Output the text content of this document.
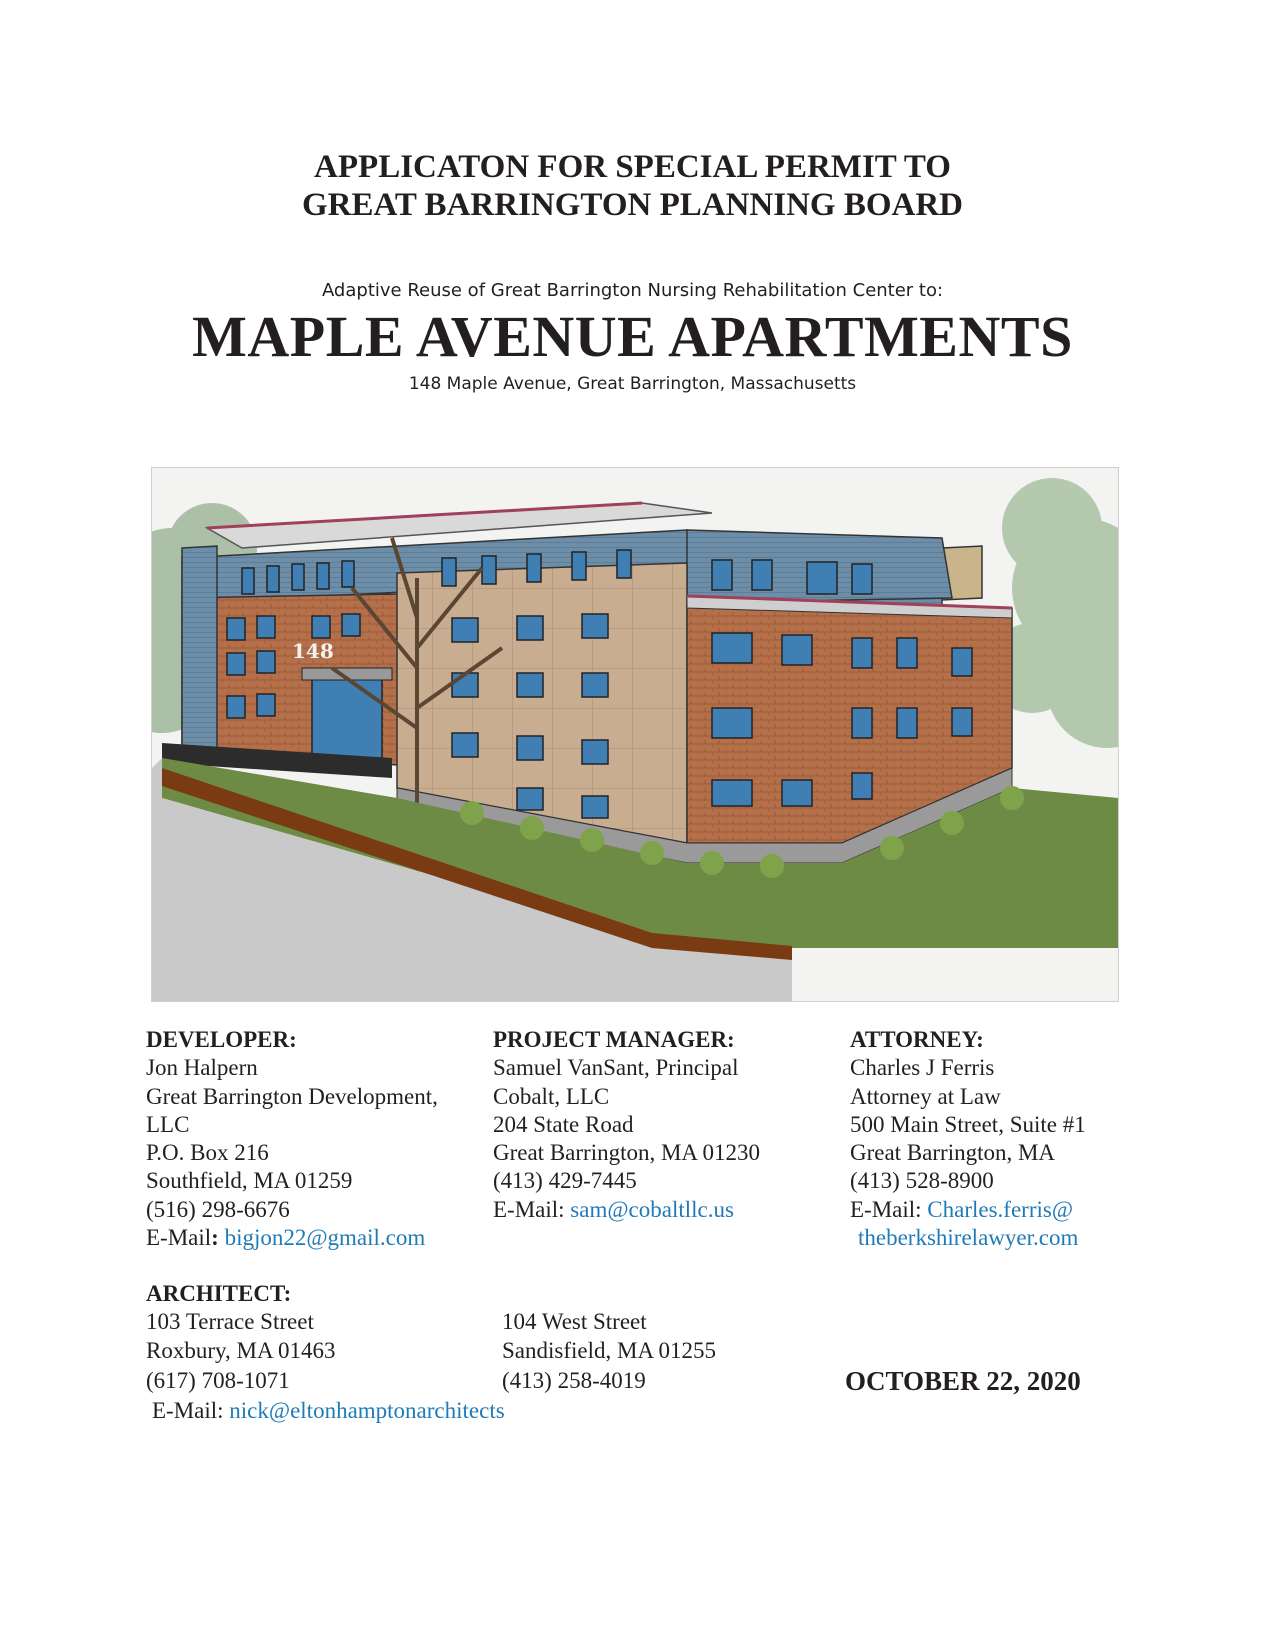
APPLICATON FOR SPECIAL PERMIT TO
GREAT BARRINGTON PLANNING BOARD
Adaptive Reuse of Great Barrington Nursing Rehabilitation Center to:
MAPLE AVENUE APARTMENTS
148 Maple Avenue, Great Barrington, Massachusetts
148
DEVELOPER:
Jon Halpern
Great Barrington Development,
LLC
P.O. Box 216
Southfield, MA 01259
(516) 298-6676
E-Mail: bigjon22@gmail.com
PROJECT MANAGER:
Samuel VanSant, Principal
Cobalt, LLC
204 State Road
Great Barrington, MA 01230
(413) 429-7445
E-Mail: sam@cobaltllc.us
ATTORNEY:
Charles J Ferris
Attorney at Law
500 Main Street, Suite #1
Great Barrington, MA
(413) 528-8900
E-Mail: Charles.ferris@
theberkshirelawyer.com
ARCHITECT:
103 Terrace Street
Roxbury, MA 01463
(617) 708-1071
E-Mail: nick@eltonhamptonarchitects
104 West Street
Sandisfield, MA 01255
(413) 258-4019	OCTOBER 22, 2020
